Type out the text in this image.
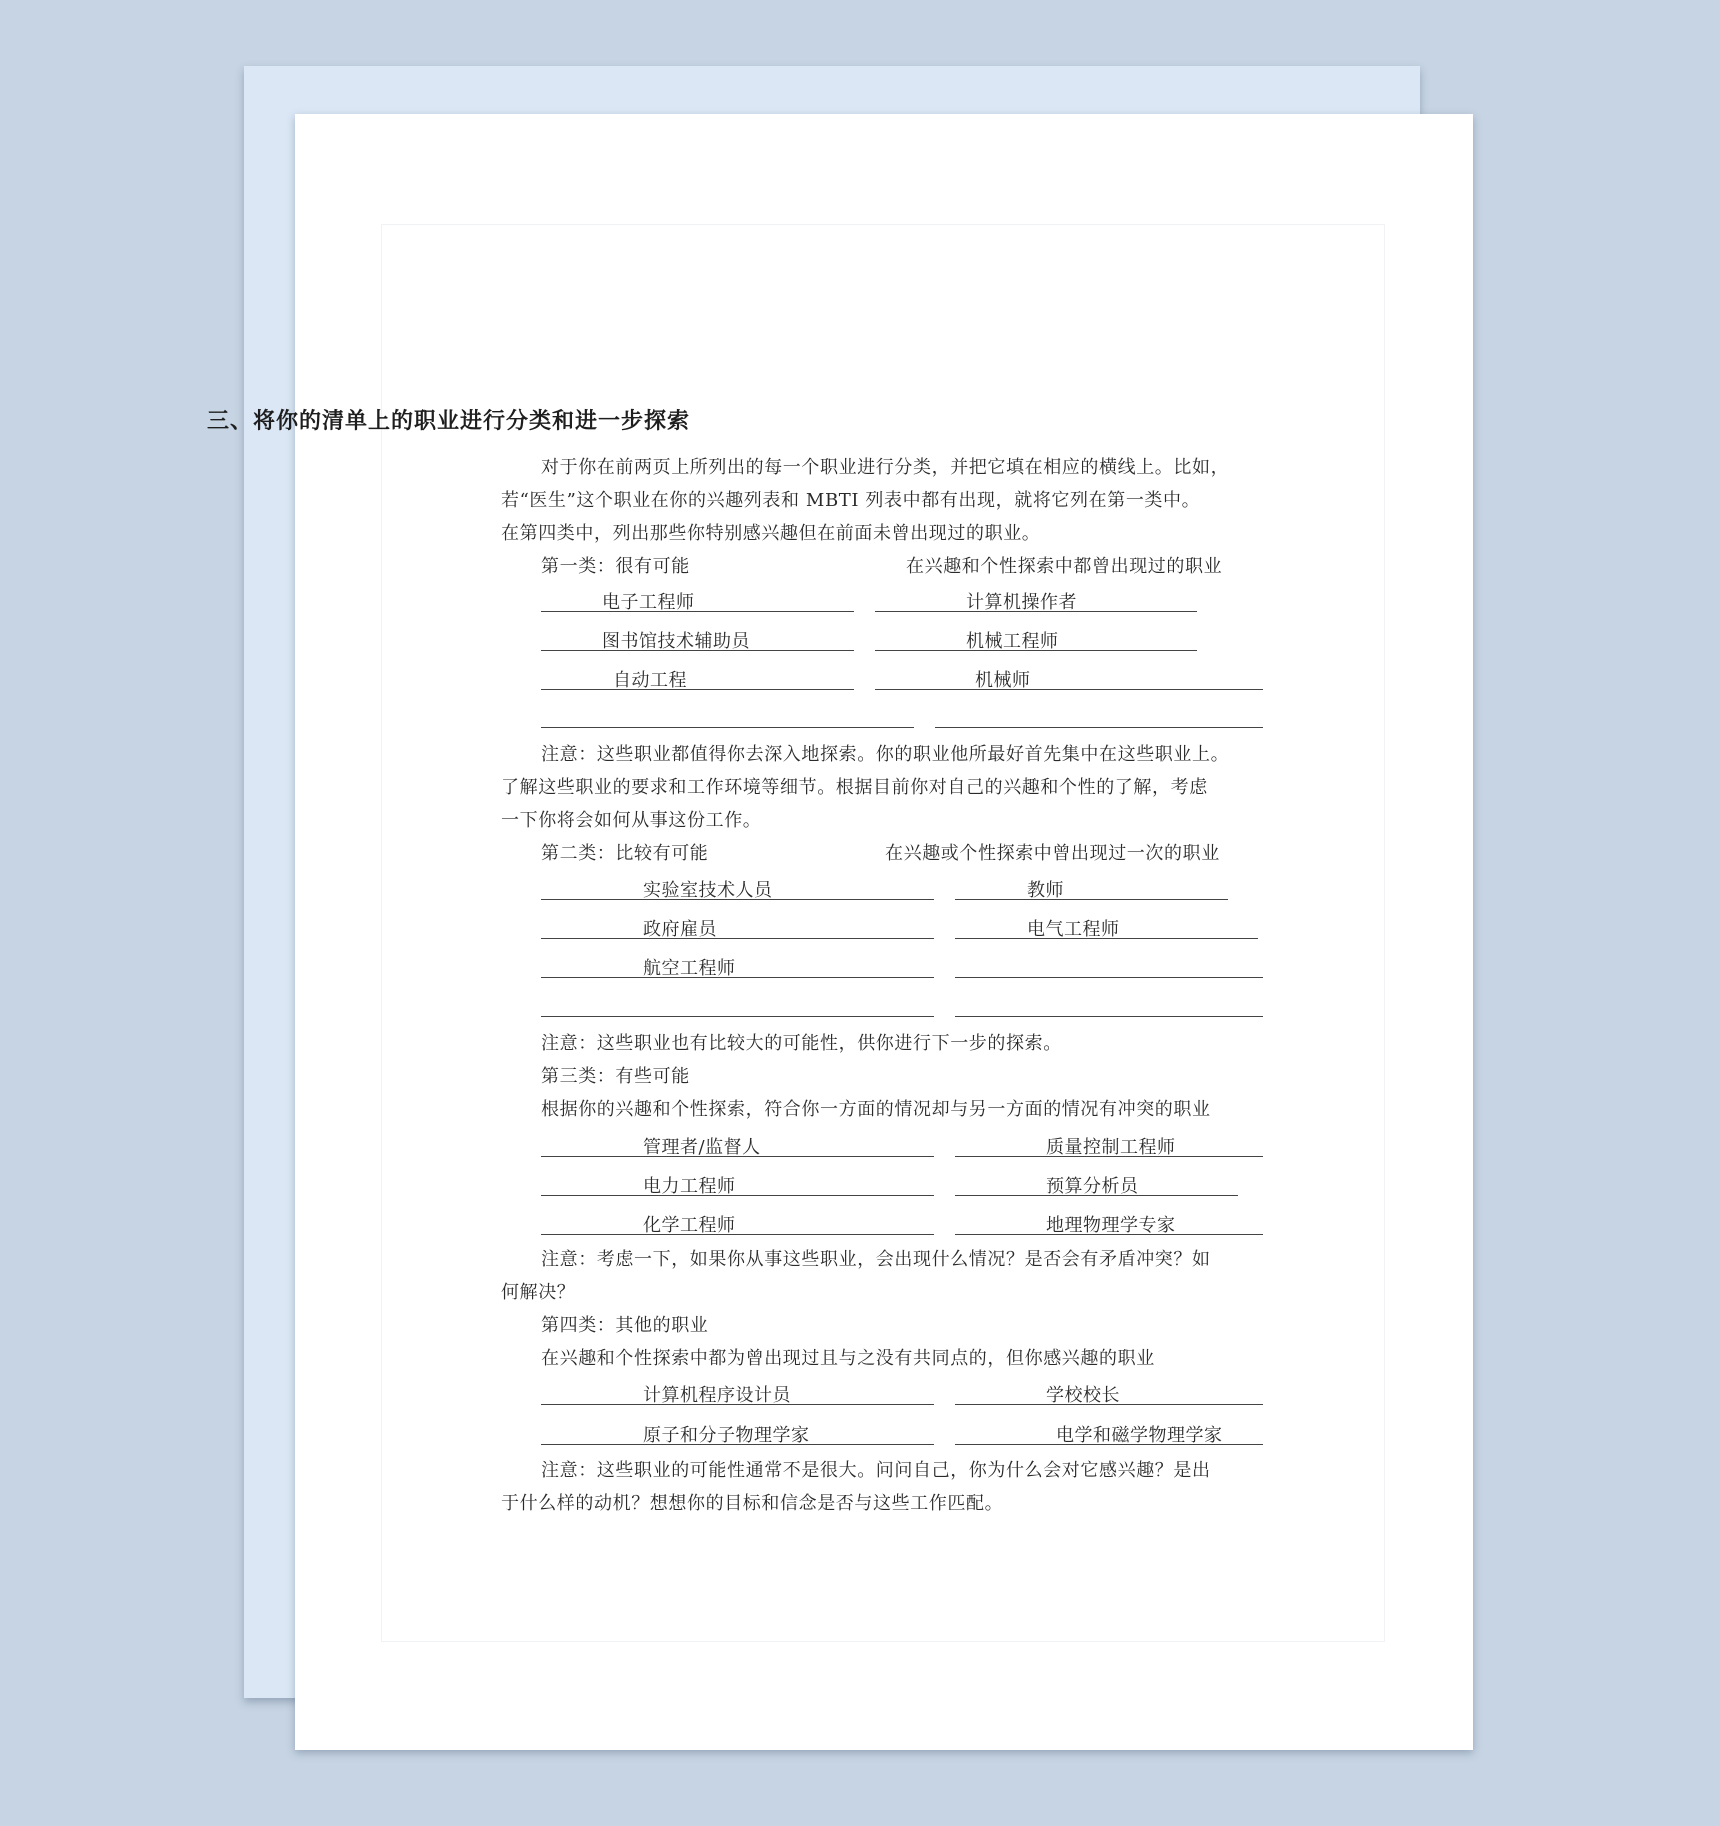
三、将你的清单上的职业进行分类和进一步探索
对于你在前两页上所列出的每一个职业进行分类，并把它填在相应的横线上。比如，
若“医生”这个职业在你的兴趣列表和 MBTI 列表中都有出现，就将它列在第一类中。
在第四类中，列出那些你特别感兴趣但在前面未曾出现过的职业。
第一类：很有可能	在兴趣和个性探索中都曾出现过的职业
电子工程师	计算机操作者
图书馆技术辅助员	机械工程师
自动工程	机械师
注意：这些职业都值得你去深入地探索。你的职业他所最好首先集中在这些职业上。
了解这些职业的要求和工作环境等细节。根据目前你对自己的兴趣和个性的了解，考虑
一下你将会如何从事这份工作。
第二类：比较有可能	在兴趣或个性探索中曾出现过一次的职业
实验室技术人员	教师
政府雇员	电气工程师
航空工程师
注意：这些职业也有比较大的可能性，供你进行下一步的探索。
第三类：有些可能
根据你的兴趣和个性探索，符合你一方面的情况却与另一方面的情况有冲突的职业
管理者/监督人	质量控制工程师
电力工程师	预算分析员
化学工程师	地理物理学专家
注意：考虑一下，如果你从事这些职业，会出现什么情况？是否会有矛盾冲突？如
何解决？
第四类：其他的职业
在兴趣和个性探索中都为曾出现过且与之没有共同点的，但你感兴趣的职业
计算机程序设计员	学校校长
原子和分子物理学家	电学和磁学物理学家
注意：这些职业的可能性通常不是很大。问问自己，你为什么会对它感兴趣？是出
于什么样的动机？想想你的目标和信念是否与这些工作匹配。
